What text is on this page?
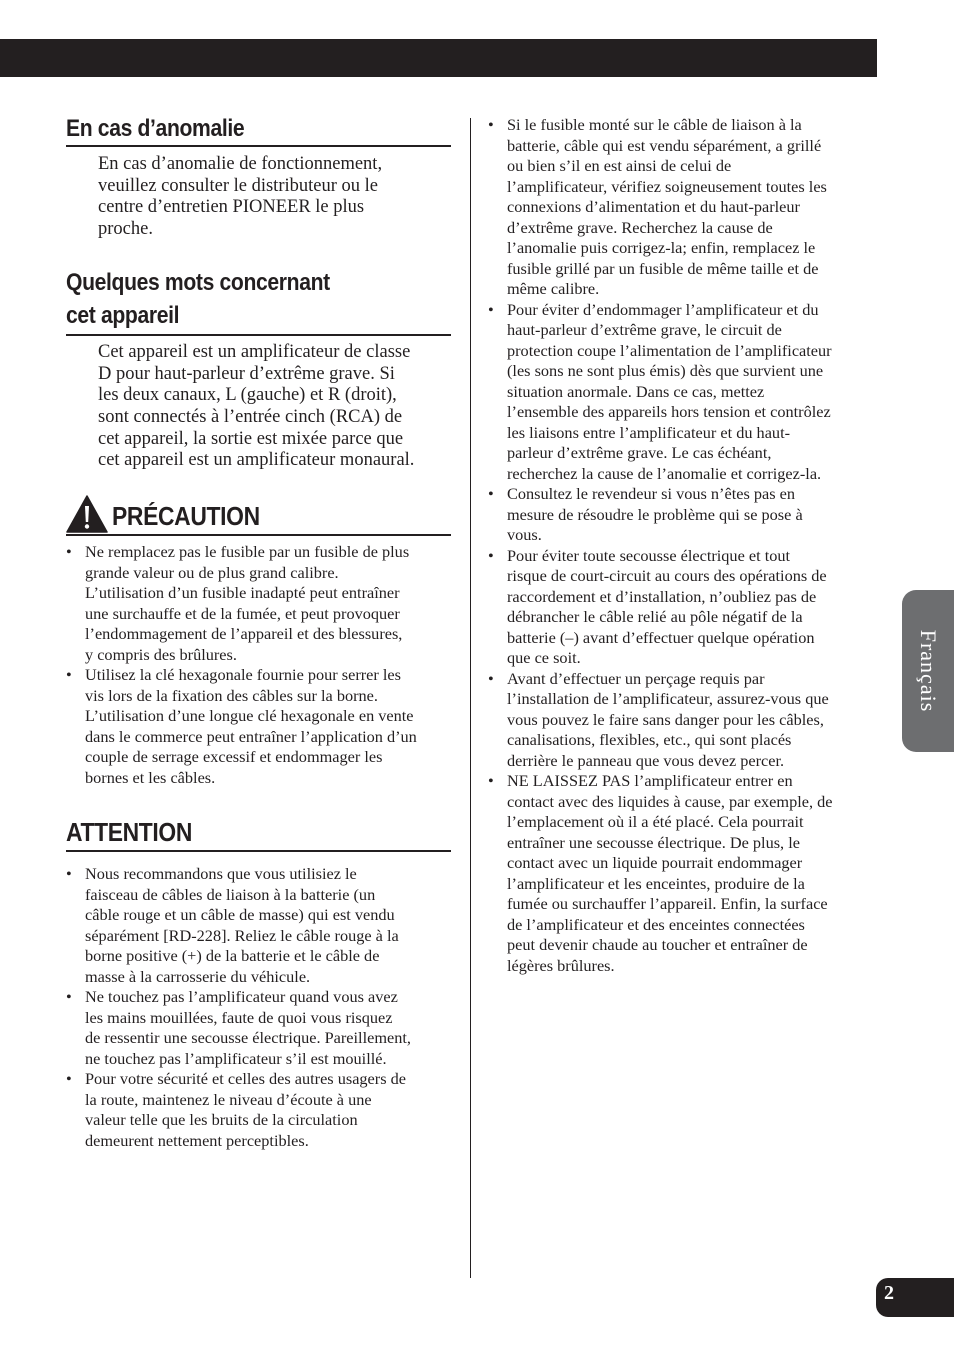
En cas d’anomalie

En cas d’anomalie de fonctionnement,
veuillez consulter le distributeur ou le
centre d’entretien PIONEER le plus
proche.

Quelques mots concernant
cet appareil

Cet appareil est un amplificateur de classe
D pour haut-parleur d’extrême grave. Si
les deux canaux, L (gauche) et R (droit),
sont connectés à l’entrée cinch (RCA) de
cet appareil, la sortie est mixée parce que
cet appareil est un amplificateur monaural.

PRÉCAUTION
• Ne remplacez pas le fusible par un fusible de plus
grande valeur ou de plus grand calibre.
L’utilisation d’un fusible inadapté peut entraîner
une surchauffe et de la fumée, et peut provoquer
l’endommagement de l’appareil et des blessures,
y compris des brûlures.
• Utilisez la clé hexagonale fournie pour serrer les
vis lors de la fixation des câbles sur la borne.
L’utilisation d’une longue clé hexagonale en vente
dans le commerce peut entraîner l’application d’un
couple de serrage excessif et endommager les
bornes et les câbles.
ATTENTION
• Nous recommandons que vous utilisiez le
faisceau de câbles de liaison à la batterie (un
câble rouge et un câble de masse) qui est vendu
séparément [RD-228]. Reliez le câble rouge à la
borne positive (+) de la batterie et le câble de
masse à la carrosserie du véhicule.
• Ne touchez pas l’amplificateur quand vous avez
les mains mouillées, faute de quoi vous risquez
de ressentir une secousse électrique. Pareillement,
ne touchez pas l’amplificateur s’il est mouillé.
• Pour votre sécurité et celles des autres usagers de
la route, maintenez le niveau d’écoute à une
valeur telle que les bruits de la circulation
demeurent nettement perceptibles.
• Si le fusible monté sur le câble de liaison à la
batterie, câble qui est vendu séparément, a grillé
ou bien s’il en est ainsi de celui de
l’amplificateur, vérifiez soigneusement toutes les
connexions d’alimentation et du haut-parleur
d’extrême grave. Recherchez la cause de
l’anomalie puis corrigez-la; enfin, remplacez le
fusible grillé par un fusible de même taille et de
même calibre.
• Pour éviter d’endommager l’amplificateur et du
haut-parleur d’extrême grave, le circuit de
protection coupe l’alimentation de l’amplificateur
(les sons ne sont plus émis) dès que survient une
situation anormale. Dans ce cas, mettez
l’ensemble des appareils hors tension et contrôlez
les liaisons entre l’amplificateur et du haut-
parleur d’extrême grave. Le cas échéant,
recherchez la cause de l’anomalie et corrigez-la.
• Consultez le revendeur si vous n’êtes pas en
mesure de résoudre le problème qui se pose à
vous.
• Pour éviter toute secousse électrique et tout
risque de court-circuit au cours des opérations de
raccordement et d’installation, n’oubliez pas de
débrancher le câble relié au pôle négatif de la
batterie (–) avant d’effectuer quelque opération
que ce soit.
• Avant d’effectuer un perçage requis par
l’installation de l’amplificateur, assurez-vous que
vous pouvez le faire sans danger pour les câbles,
canalisations, flexibles, etc., qui sont placés
derrière le panneau que vous devez percer.
• NE LAISSEZ PAS l’amplificateur entrer en
contact avec des liquides à cause, par exemple, de
l’emplacement où il a été placé. Cela pourrait
entraîner une secousse électrique. De plus, le
contact avec un liquide pourrait endommager
l’amplificateur et les enceintes, produire de la
fumée ou surchauffer l’appareil. Enfin, la surface
de l’amplificateur et des enceintes connectées
peut devenir chaude au toucher et entraîner de
légères brûlures.
Français
2
